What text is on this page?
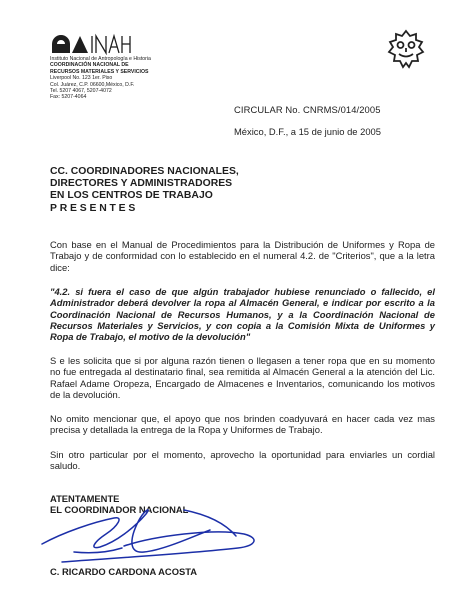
Instituto Nacional de Antropología e Historia
COORDINACIÓN NACIONAL DE
RECURSOS MATERIALES Y SERVICIOS
Liverpool No. 123 1er. Piso
Col. Juárez, C.P. 06600,México, D.F.
Tel. 5207 4067, 5207-4072
Fax: 5207-4064
CIRCULAR No. CNRMS/014/2005
México, D.F., a 15 de junio de 2005
CC. COORDINADORES NACIONALES,
DIRECTORES Y ADMINISTRADORES
EN LOS CENTROS DE TRABAJO
PRESENTES
Con base en el Manual de Procedimientos para la Distribución de Uniformes y Ropa de Trabajo y de conformidad con lo establecido en el numeral 4.2. de "Criterios", que a la letra dice:
"4.2. si fuera el caso de que algún trabajador hubiese renunciado o fallecido, el Administrador deberá devolver la ropa al Almacén General, e indicar por escrito a la Coordinación Nacional de Recursos Humanos, y a la Coordinación Nacional de Recursos Materiales y Servicios, y con copia a la Comisión Mixta de Uniformes y Ropa de Trabajo, el motivo de la devolución"
S e les solicita que si por alguna razón tienen o llegasen a tener ropa que en su momento no fue entregada al destinatario final, sea remitida al Almacén General a la atención del Lic. Rafael Adame Oropeza, Encargado de Almacenes e Inventarios, comunicando los motivos de la devolución.
No omito mencionar que, el apoyo que nos brinden coadyuvará en hacer cada vez mas precisa y detallada la entrega de la Ropa y Uniformes de Trabajo.
Sin otro particular por el momento, aprovecho la oportunidad para enviarles un cordial saludo.
ATENTAMENTE
EL COORDINADOR NACIONAL
C. RICARDO CARDONA ACOSTA
